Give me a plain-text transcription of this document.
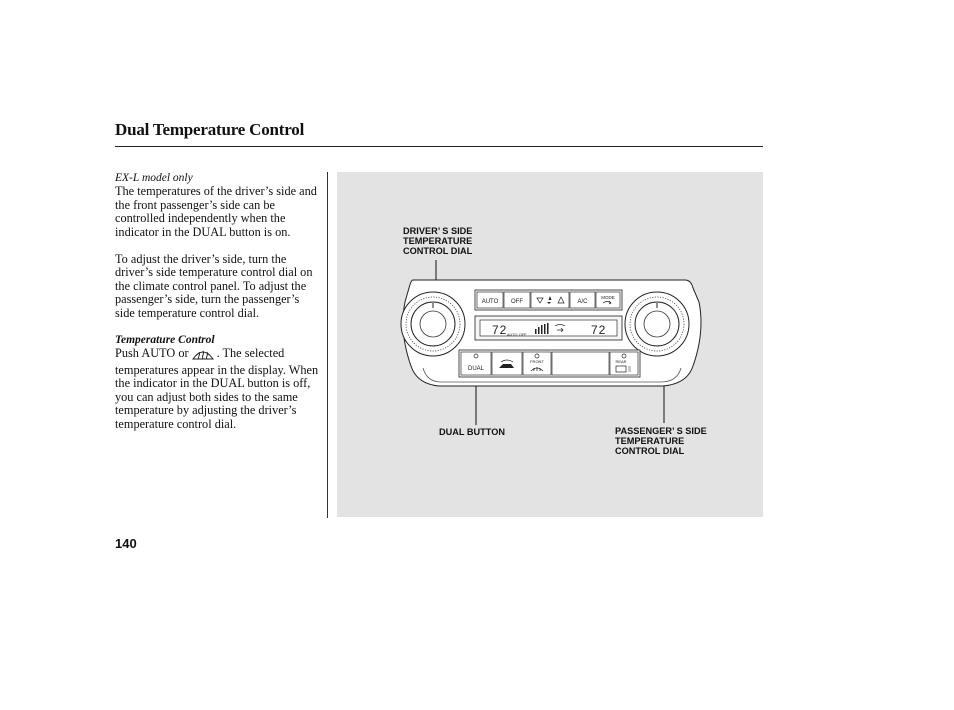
Dual Temperature Control

EX-L model only

The temperatures of the driver’s side and the front passenger’s side can be controlled independently when the indicator in the DUAL button is on.

To adjust the driver’s side, turn the driver’s side temperature control dial on the climate control panel. To adjust the passenger’s side, turn the passenger’s side temperature control dial.

Temperature Control

Push AUTO or . The selected temperatures appear in the display. When the indicator in the DUAL button is off, you can adjust both sides to the same temperature by adjusting the driver’s temperature control dial.

DRIVER’ S SIDE
TEMPERATURE
CONTROL DIAL
DUAL BUTTON	PASSENGER’ S SIDE
TEMPERATURE
CONTROL DIAL
AUTO OFF	A/C
MODE
72 AUTO OFF	72
DUAL
FRONT	REAR
140
